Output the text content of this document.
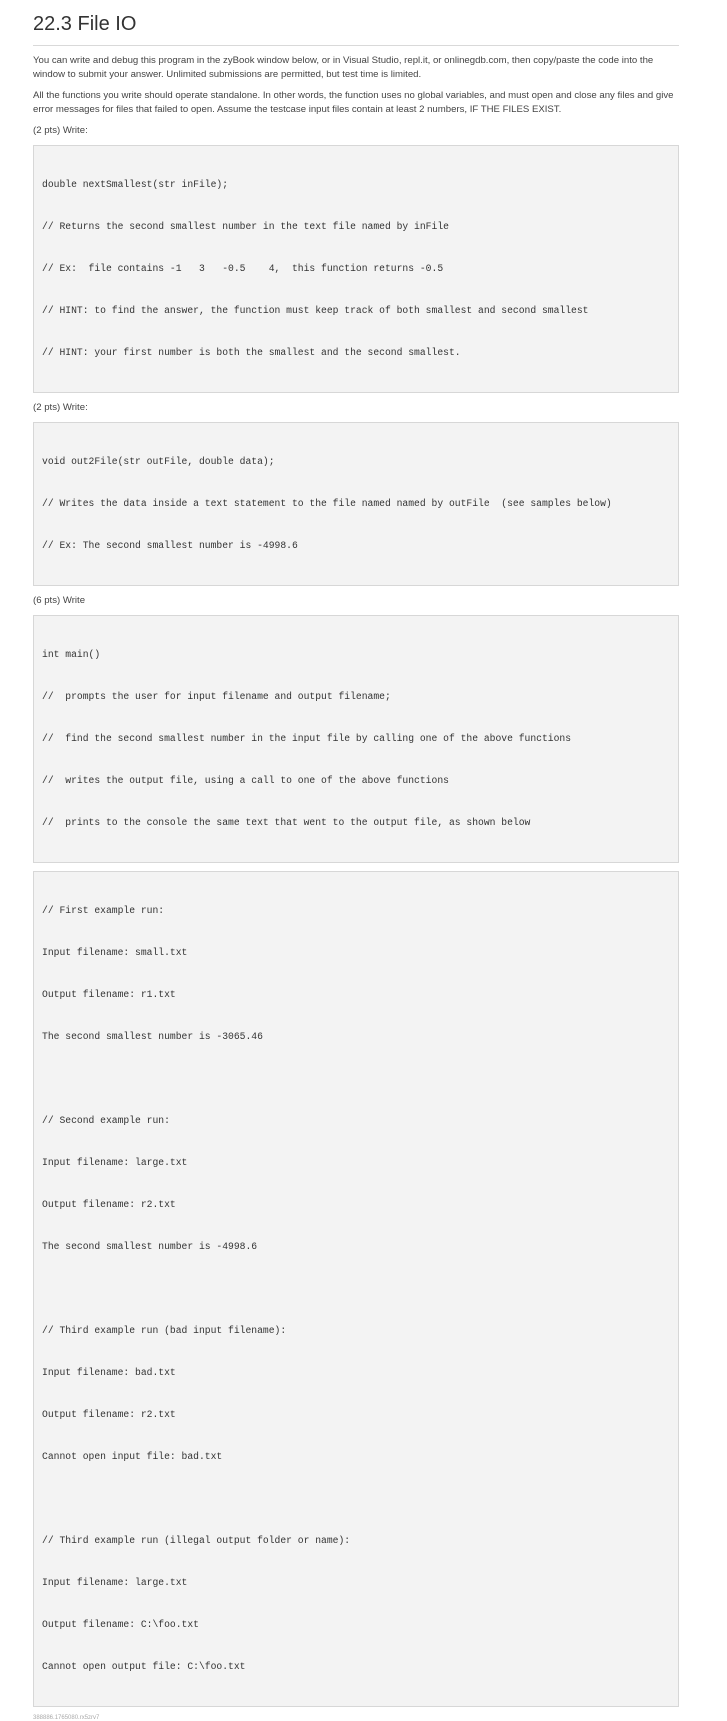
22.3 File IO

You can write and debug this program in the zyBook window below, or in Visual Studio, repl.it, or onlinegdb.com, then copy/paste the code into the window to submit your answer. Unlimited submissions are permitted, but test time is limited.

All the functions you write should operate standalone. In other words, the function uses no global variables, and must open and close any files and give error messages for files that failed to open. Assume the testcase input files contain at least 2 numbers, IF THE FILES EXIST.

(2 pts) Write:

double nextSmallest(str inFile);

// Returns the second smallest number in the text file named by inFile

// Ex:  file contains -1   3   -0.5    4,  this function returns -0.5

// HINT: to find the answer, the function must keep track of both smallest and second smallest

// HINT: your first number is both the smallest and the second smallest.

(2 pts) Write:

void out2File(str outFile, double data);

// Writes the data inside a text statement to the file named named by outFile  (see samples below)

// Ex: The second smallest number is -4998.6

(6 pts) Write

int main()

//  prompts the user for input filename and output filename;

//  find the second smallest number in the input file by calling one of the above functions

//  writes the output file, using a call to one of the above functions

//  prints to the console the same text that went to the output file, as shown below

// First example run:

Input filename: small.txt

Output filename: r1.txt

The second smallest number is -3065.46

// Second example run:

Input filename: large.txt

Output filename: r2.txt

The second smallest number is -4998.6

// Third example run (bad input filename):

Input filename: bad.txt

Output filename: r2.txt

Cannot open input file: bad.txt

// Third example run (illegal output folder or name):

Input filename: large.txt

Output filename: C:\foo.txt

Cannot open output file: C:\foo.txt

388886.1765080.rx5zrv7
